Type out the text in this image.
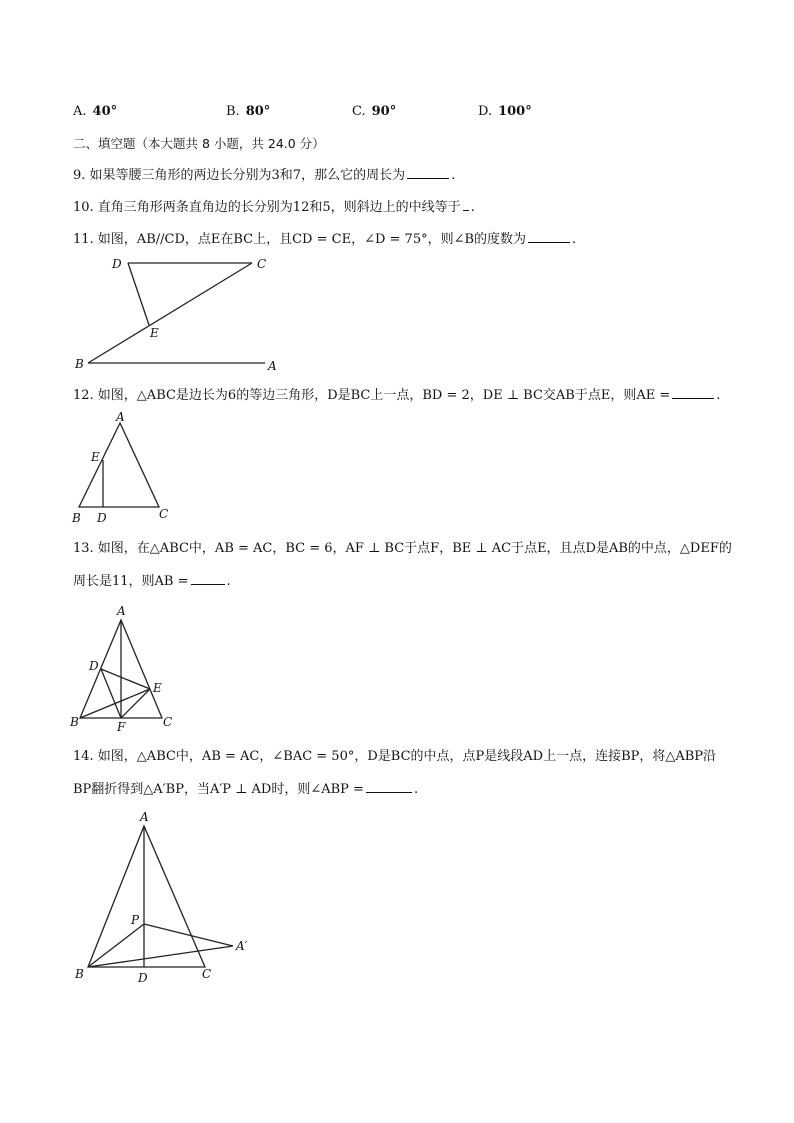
A. 40°	B. 80°	C. 90°	D. 100°
二、填空题（本大题共 8 小题，共 24.0 分）
9. 如果等腰三角形的两边长分别为3和7，那么它的周长为	.
10. 直角三角形两条直角边的长分别为12和5，则斜边上的中线等于 .
11. 如图，AB//CD，点E在BC上，且CD = CE，∠D = 75°，则∠B的度数为	.
D	C
E
B	A
12. 如图，△ABC是边长为6的等边三角形，D是BC上一点，BD = 2，DE ⊥ BC交AB于点E，则AE =	.
A
E
B D	C
13. 如图，在△ABC中，AB = AC，BC = 6，AF ⊥ BC于点F，BE ⊥ AC于点E，且点D是AB的中点，△DEF的
周长是11，则AB =	.
A
D
E
B	F	C
14. 如图，△ABC中，AB = AC，∠BAC = 50°，D是BC的中点，点P是线段AD上一点，连接BP，将△ABP沿
BP翻折得到△A′BP，当A′P ⊥ AD时，则∠ABP =	.
A
P
A′
B	D	C
